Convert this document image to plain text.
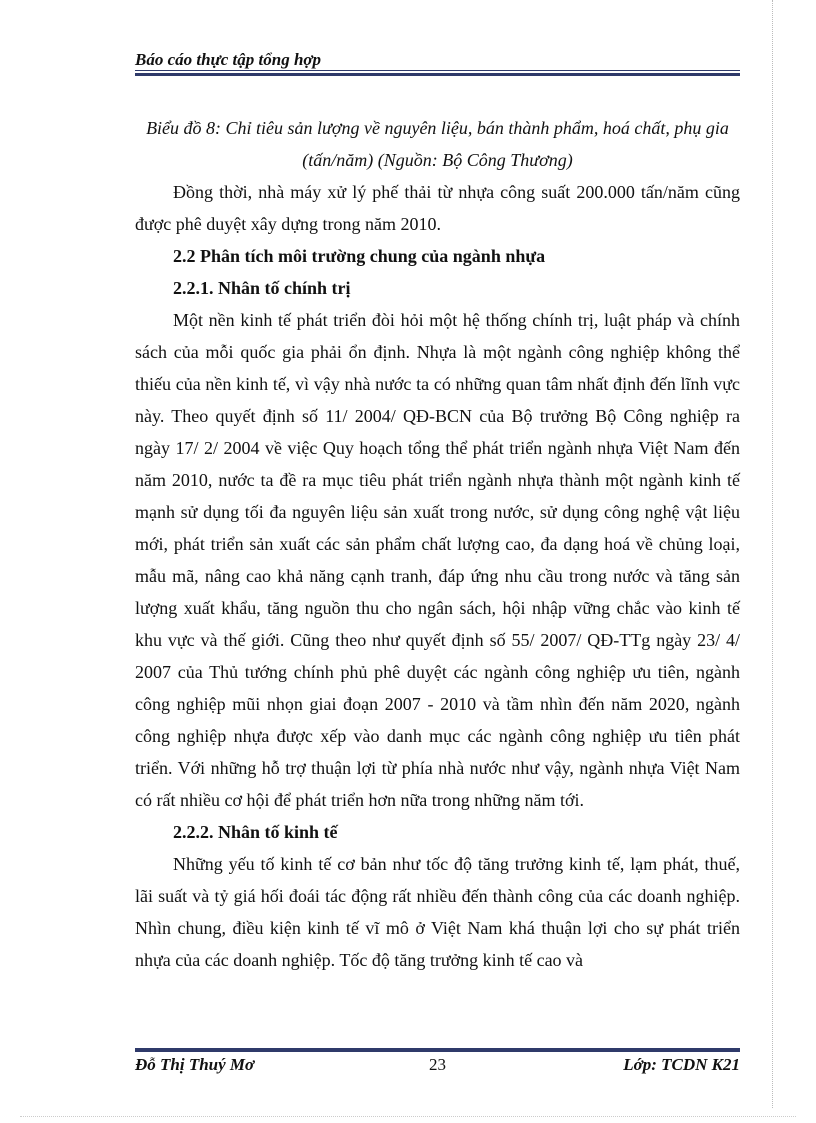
Báo cáo thực tập tổng hợp

Biểu đồ 8: Chỉ tiêu sản lượng về nguyên liệu, bán thành phẩm, hoá chất, phụ gia (tấn/năm) (Nguồn: Bộ Công Thương)

Đồng thời, nhà máy xử lý phế thải từ nhựa công suất 200.000 tấn/năm cũng được phê duyệt xây dựng trong năm 2010.

2.2 Phân tích môi trường chung của ngành nhựa

2.2.1. Nhân tố chính trị

Một nền kinh tế phát triển đòi hỏi một hệ thống chính trị, luật pháp và chính sách của mỗi quốc gia phải ổn định. Nhựa là một ngành công nghiệp không thể thiếu của nền kinh tế, vì vậy nhà nước ta có những quan tâm nhất định đến lĩnh vực này. Theo quyết định số 11/ 2004/ QĐ-BCN của Bộ trưởng Bộ Công nghiệp ra ngày 17/ 2/ 2004 về việc Quy hoạch tổng thể phát triển ngành nhựa Việt Nam đến năm 2010, nước ta đề ra mục tiêu phát triển ngành nhựa thành một ngành kinh tế mạnh sử dụng tối đa nguyên liệu sản xuất trong nước, sử dụng công nghệ vật liệu mới, phát triển sản xuất các sản phẩm chất lượng cao, đa dạng hoá về chủng loại, mẫu mã, nâng cao khả năng cạnh tranh, đáp ứng nhu cầu trong nước và tăng sản lượng xuất khẩu, tăng nguồn thu cho ngân sách, hội nhập vững chắc vào kinh tế khu vực và thế giới. Cũng theo như quyết định số 55/ 2007/ QĐ-TTg ngày 23/ 4/ 2007 của Thủ tướng chính phủ phê duyệt các ngành công nghiệp ưu tiên, ngành công nghiệp mũi nhọn giai đoạn 2007 - 2010 và tầm nhìn đến năm 2020, ngành công nghiệp nhựa được xếp vào danh mục các ngành công nghiệp ưu tiên phát triển. Với những hỗ trợ thuận lợi từ phía nhà nước như vậy, ngành nhựa Việt Nam có rất nhiều cơ hội để phát triển hơn nữa trong những năm tới.

2.2.2. Nhân tố kinh tế

Những yếu tố kinh tế cơ bản như tốc độ tăng trưởng kinh tế, lạm phát, thuế, lãi suất và tỷ giá hối đoái tác động rất nhiều đến thành công của các doanh nghiệp. Nhìn chung, điều kiện kinh tế vĩ mô ở Việt Nam khá thuận lợi cho sự phát triển nhựa của các doanh nghiệp. Tốc độ tăng trưởng kinh tế cao và

Đỗ Thị Thuý Mơ	23	Lớp: TCDN K21
